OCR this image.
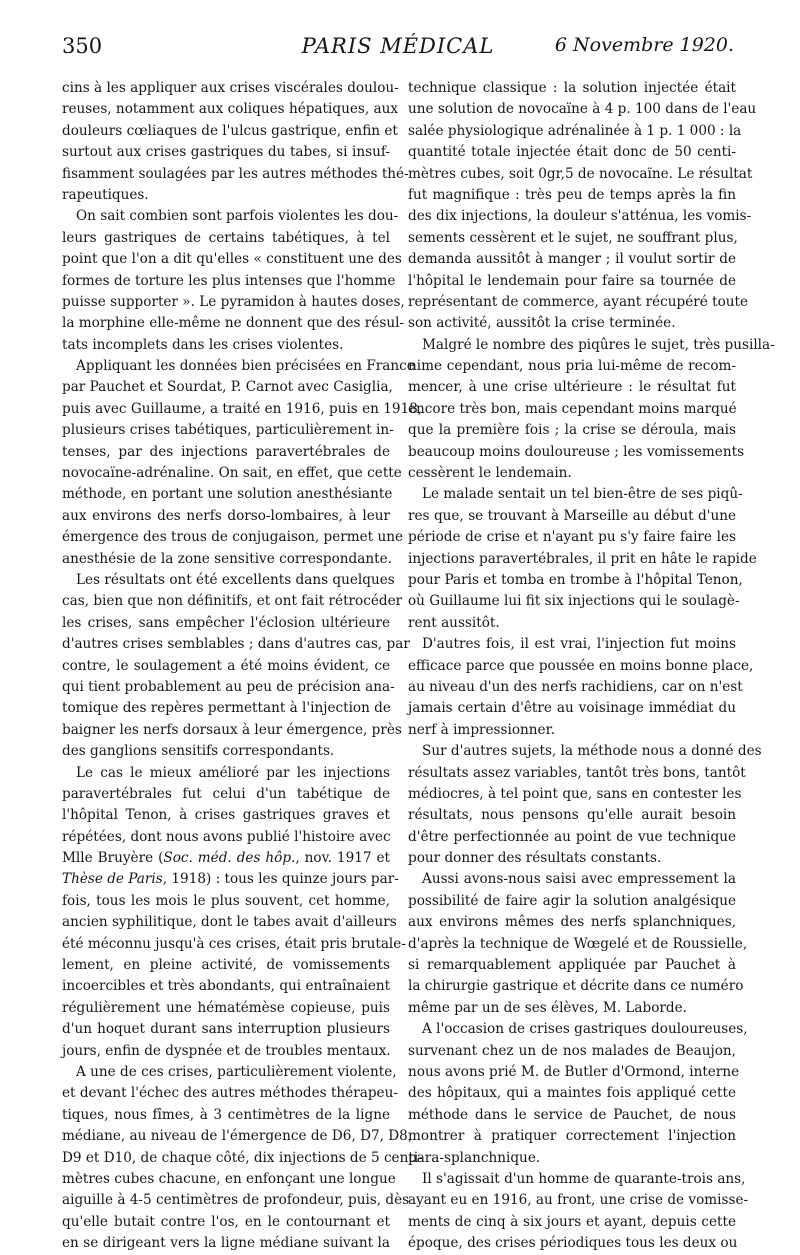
350	PARIS MÉDICAL	6 Novembre 1920.
cins à les appliquer aux crises viscérales doulou-
reuses, notamment aux coliques hépatiques, aux
douleurs cœliaques de l'ulcus gastrique, enfin et
surtout aux crises gastriques du tabes, si insuf-
fisamment soulagées par les autres méthodes thé-
rapeutiques.
On sait combien sont parfois violentes les dou-
leurs gastriques de certains tabétiques, à tel
point que l'on a dit qu'elles « constituent une des
formes de torture les plus intenses que l'homme
puisse supporter ». Le pyramidon à hautes doses,
la morphine elle-même ne donnent que des résul-
tats incomplets dans les crises violentes.
Appliquant les données bien précisées en France
par Pauchet et Sourdat, P. Carnot avec Casiglia,
puis avec Guillaume, a traité en 1916, puis en 1918,
plusieurs crises tabétiques, particulièrement in-
tenses, par des injections paravertébrales de
novocaïne-adrénaline. On sait, en effet, que cette
méthode, en portant une solution anesthésiante
aux environs des nerfs dorso-lombaires, à leur
émergence des trous de conjugaison, permet une
anesthésie de la zone sensitive correspondante.
Les résultats ont été excellents dans quelques
cas, bien que non définitifs, et ont fait rétrocéder
les crises, sans empêcher l'éclosion ultérieure
d'autres crises semblables ; dans d'autres cas, par
contre, le soulagement a été moins évident, ce
qui tient probablement au peu de précision ana-
tomique des repères permettant à l'injection de
baigner les nerfs dorsaux à leur émergence, près
des ganglions sensitifs correspondants.
Le cas le mieux amélioré par les injections
paravertébrales fut celui d'un tabétique de
l'hôpital Tenon, à crises gastriques graves et
répétées, dont nous avons publié l'histoire avec
Mlle Bruyère (Soc. méd. des hôp., nov. 1917 et
Thèse de Paris, 1918) : tous les quinze jours par-
fois, tous les mois le plus souvent, cet homme,
ancien syphilitique, dont le tabes avait d'ailleurs
été méconnu jusqu'à ces crises, était pris brutale-
lement, en pleine activité, de vomissements
incoercibles et très abondants, qui entraînaient
régulièrement une hématémèse copieuse, puis
d'un hoquet durant sans interruption plusieurs
jours, enfin de dyspnée et de troubles mentaux.
A une de ces crises, particulièrement violente,
et devant l'échec des autres méthodes thérapeu-
tiques, nous fîmes, à 3 centimètres de la ligne
médiane, au niveau de l'émergence de D6, D7, D8,
D9 et D10, de chaque côté, dix injections de 5 centi-
mètres cubes chacune, en enfonçant une longue
aiguille à 4-5 centimètres de profondeur, puis, dès
qu'elle butait contre l'os, en le contournant et
en se dirigeant vers la ligne médiane suivant la
technique classique : la solution injectée était
une solution de novocaïne à 4 p. 100 dans de l'eau
salée physiologique adrénalinée à 1 p. 1 000 : la
quantité totale injectée était donc de 50 centi-
mètres cubes, soit 0gr,5 de novocaïne. Le résultat
fut magnifique : très peu de temps après la fin
des dix injections, la douleur s'atténua, les vomis-
sements cessèrent et le sujet, ne souffrant plus,
demanda aussitôt à manger ; il voulut sortir de
l'hôpital le lendemain pour faire sa tournée de
représentant de commerce, ayant récupéré toute
son activité, aussitôt la crise terminée.
Malgré le nombre des piqûres le sujet, très pusilla-
nime cependant, nous pria lui-même de recom-
mencer, à une crise ultérieure : le résultat fut
encore très bon, mais cependant moins marqué
que la première fois ; la crise se déroula, mais
beaucoup moins douloureuse ; les vomissements
cessèrent le lendemain.
Le malade sentait un tel bien-être de ses piqû-
res que, se trouvant à Marseille au début d'une
période de crise et n'ayant pu s'y faire faire les
injections paravertébrales, il prit en hâte le rapide
pour Paris et tomba en trombe à l'hôpital Tenon,
où Guillaume lui fit six injections qui le soulagè-
rent aussitôt.
D'autres fois, il est vrai, l'injection fut moins
efficace parce que poussée en moins bonne place,
au niveau d'un des nerfs rachidiens, car on n'est
jamais certain d'être au voisinage immédiat du
nerf à impressionner.
Sur d'autres sujets, la méthode nous a donné des
résultats assez variables, tantôt très bons, tantôt
médiocres, à tel point que, sans en contester les
résultats, nous pensons qu'elle aurait besoin
d'être perfectionnée au point de vue technique
pour donner des résultats constants.
Aussi avons-nous saisi avec empressement la
possibilité de faire agir la solution analgésique
aux environs mêmes des nerfs splanchniques,
d'après la technique de Wœgelé et de Roussielle,
si remarquablement appliquée par Pauchet à
la chirurgie gastrique et décrite dans ce numéro
même par un de ses élèves, M. Laborde.
A l'occasion de crises gastriques douloureuses,
survenant chez un de nos malades de Beaujon,
nous avons prié M. de Butler d'Ormond, interne
des hôpitaux, qui a maintes fois appliqué cette
méthode dans le service de Pauchet, de nous
montrer à pratiquer correctement l'injection
para-splanchnique.
Il s'agissait d'un homme de quarante-trois ans,
ayant eu en 1916, au front, une crise de vomisse-
ments de cinq à six jours et ayant, depuis cette
époque, des crises périodiques tous les deux ou
